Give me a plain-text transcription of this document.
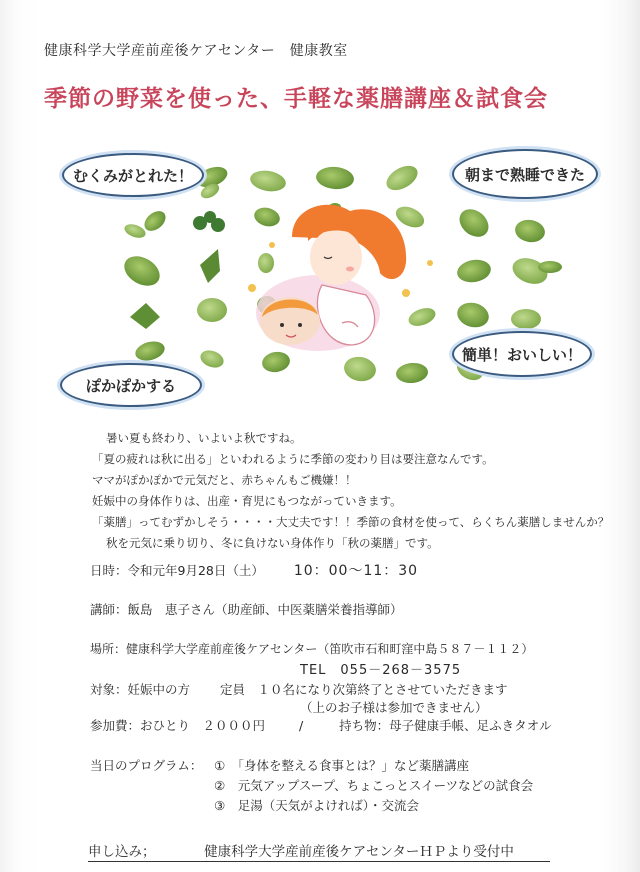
健康科学大学産前産後ケアセンター　健康教室
季節の野菜を使った、手軽な薬膳講座＆試食会
むくみがとれた！	朝まで熟睡できた
ぽかぽかする
簡単！おいしい！

暑い夏も終わり、いよいよ秋ですね。

「夏の疲れは秋に出る」といわれるように季節の変わり目は要注意なんです。

ママがぽかぽかで元気だと、赤ちゃんもご機嫌！！

妊娠中の身体作りは、出産・育児にもつながっていきます。

「薬膳」ってむずかしそう・・・・大丈夫です！！季節の食材を使って、らくちん薬膳しませんか？

秋を元気に乗り切り、冬に負けない身体作り「秋の薬膳」です。

日時：令和元年9月28日（土） 10：00～11：30
講師：飯島　恵子さん（助産師、中医薬膳栄養指導師）
場所：健康科学大学産前産後ケアセンター（笛吹市石和町窪中島５８７－１１２）
TEL　055－268－3575
対象：妊娠中の方 定員　１０名になり次第終了とさせていただきます
（上のお子様は参加できません）
参加費：おひとり　２０００円	/	持ち物：母子健康手帳、足ふきタオル
当日のプログラム： ①　「身体を整える食事とは？」など薬膳講座
②　元気アップスープ、ちょこっとスイーツなどの試食会
③　足湯（天気がよければ）・交流会
申し込み；	健康科学大学産前産後ケアセンターＨＰより受付中
